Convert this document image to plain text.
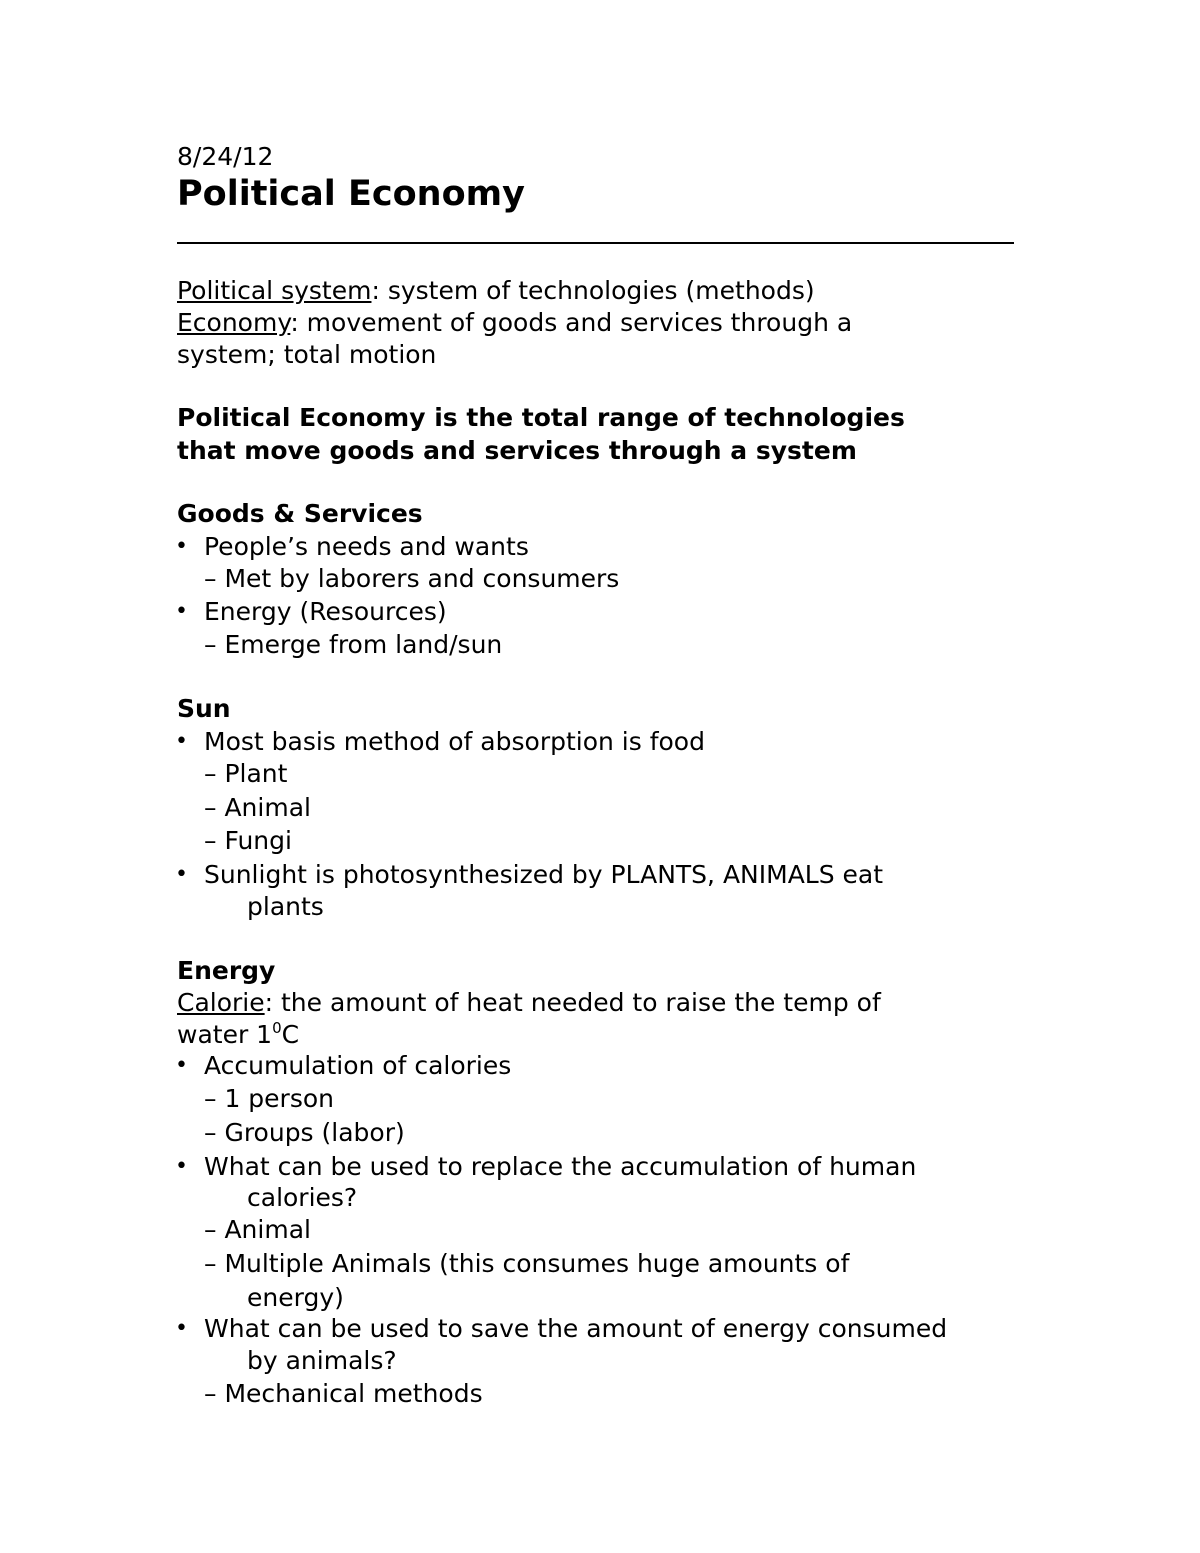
8/24/12
Political Economy
Political system: system of technologies (methods)
Economy: movement of goods and services through a
system; total motion
Political Economy is the total range of technologies
that move goods and services through a system
Goods & Services
• People’s needs and wants
– Met by laborers and consumers
• Energy (Resources)
– Emerge from land/sun
Sun
• Most basis method of absorption is food
– Plant
– Animal
– Fungi
• Sunlight is photosynthesized by PLANTS, ANIMALS eat
plants
Energy
Calorie: the amount of heat needed to raise the temp of
water $1^0C$
• Accumulation of calories
– 1 person
– Groups (labor)
• What can be used to replace the accumulation of human
calories?
– Animal
– Multiple Animals (this consumes huge amounts of
energy)
• What can be used to save the amount of energy consumed
by animals?
– Mechanical methods
